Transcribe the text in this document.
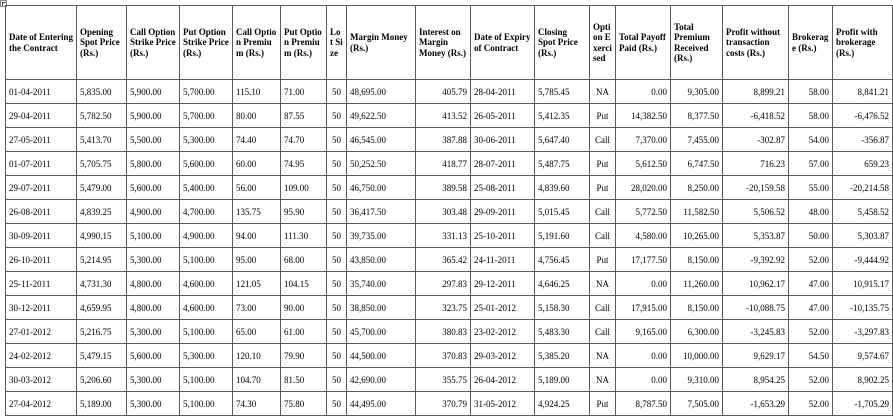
Date of Entering the Contract	Opening Spot Price (Rs.)	Call Option Strike Price (Rs.)	Put Option Strike Price (Rs.)	Call Option Premium (Rs.)	Put Option Premium (Rs.)	Lot Size	Margin Money (Rs.)	Interest on Margin Money (Rs.)	Date of Expiry of Contract	Closing Spot Price (Rs.)	Option Exercised	Total Payoff Paid (Rs.)	Total Premium Received (Rs.)	Profit without transaction costs (Rs.)	Brokerage (Rs.)	Profit with brokerage (Rs.)
01-04-2011	5,835.00	5,900.00	5,700.00	115.10	71.00	50	48,695.00	405.79	28-04-2011	5,785.45	NA	0.00	9,305.00	8,899.21	58.00	8,841.21
29-04-2011	5,782.50	5,900.00	5,700.00	80.00	87.55	50	49,622.50	413.52	26-05-2011	5,412.35	Put	14,382.50	8,377.50	-6,418.52	58.00	-6,476.52
27-05-2011	5,413.70	5,500.00	5,300.00	74.40	74.70	50	46,545.00	387.88	30-06-2011	5,647.40	Call	7,370.00	7,455.00	-302.87	54.00	-356.87
01-07-2011	5,705.75	5,800.00	5,600.00	60.00	74.95	50	50,252.50	418.77	28-07-2011	5,487.75	Put	5,612.50	6,747.50	716.23	57.00	659.23
29-07-2011	5,479.00	5,600.00	5,400.00	56.00	109.00	50	46,750.00	389.58	25-08-2011	4,839.60	Put	28,020.00	8,250.00	-20,159.58	55.00	-20,214.58
26-08-2011	4,839.25	4,900.00	4,700.00	135.75	95.90	50	36,417.50	303.48	29-09-2011	5,015.45	Call	5,772.50	11,582.50	5,506.52	48.00	5,458.52
30-09-2011	4,990.15	5,100.00	4,900.00	94.00	111.30	50	39,735.00	331.13	25-10-2011	5,191.60	Call	4,580.00	10,265.00	5,353.87	50.00	5,303.87
26-10-2011	5,214.95	5,300.00	5,100.00	95.00	68.00	50	43,850.00	365.42	24-11-2011	4,756.45	Put	17,177.50	8,150.00	-9,392.92	52.00	-9,444.92
25-11-2011	4,731.30	4,800.00	4,600.00	121.05	104.15	50	35,740.00	297.83	29-12-2011	4,646.25	NA	0.00	11,260.00	10,962.17	47.00	10,915.17
30-12-2011	4,659.95	4,800.00	4,600.00	73.00	90.00	50	38,850.00	323.75	25-01-2012	5,158.30	Call	17,915.00	8,150.00	-10,088.75	47.00	-10,135.75
27-01-2012	5,216.75	5,300.00	5,100.00	65.00	61.00	50	45,700.00	380.83	23-02-2012	5,483.30	Call	9,165.00	6,300.00	-3,245.83	52.00	-3,297.83
24-02-2012	5,479.15	5,600.00	5,300.00	120.10	79.90	50	44,500.00	370.83	29-03-2012	5,385.20	NA	0.00	10,000.00	9,629.17	54.50	9,574.67
30-03-2012	5,206.60	5,300.00	5,100.00	104.70	81.50	50	42,690.00	355.75	26-04-2012	5,189.00	NA	0.00	9,310.00	8,954.25	52.00	8,902.25
27-04-2012	5,189.00	5,300.00	5,100.00	74.30	75.80	50	44,495.00	370.79	31-05-2012	4,924.25	Put	8,787.50	7,505.00	-1,653.29	52.00	-1,705.29
